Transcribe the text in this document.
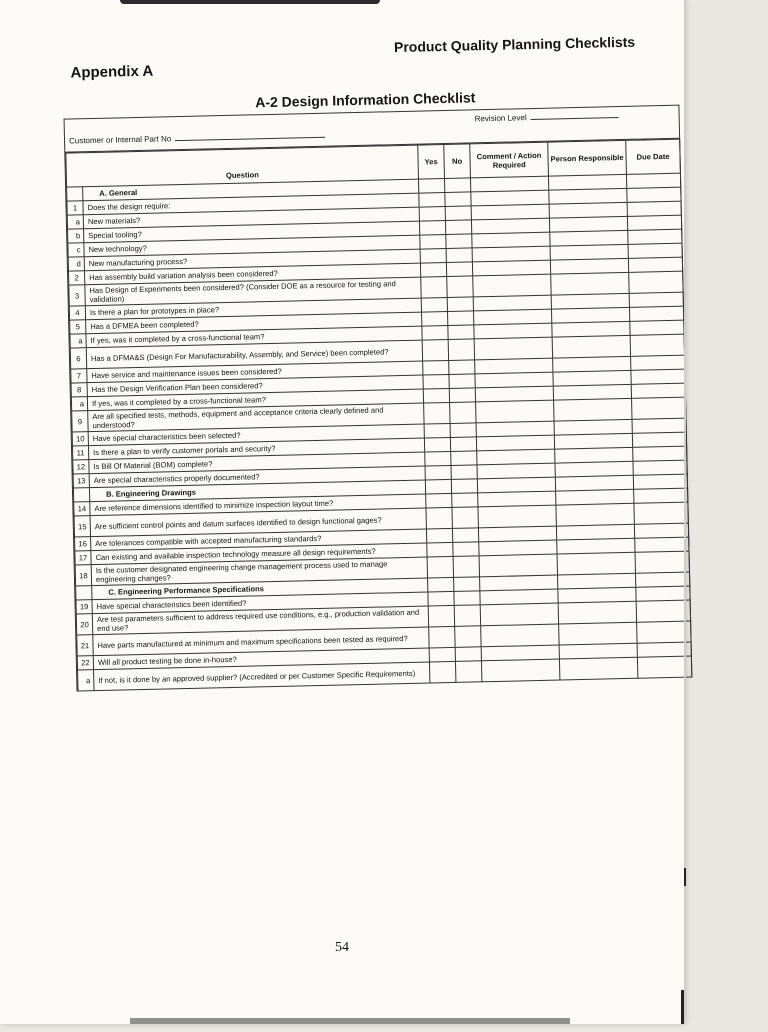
Appendix A
Product Quality Planning Checklists
A-2 Design Information Checklist
Customer or Internal Part No
Revision Level
Question		Yes	No	Comment / Action Required	Person Responsible	Due Date
	A. General					
1	Does the design require:					
a	New materials?					
b	Special tooling?					
c	New technology?					
d	New manufacturing process?					
2	Has assembly build variation analysis been considered?					
3	Has Design of Experiments been considered? (Consider DOE as a resource for testing and validation)					
4	Is there a plan for prototypes in place?					
5	Has a DFMEA been completed?					
a	If yes, was it completed by a cross-functional team?					
6	Has a DFMA&S (Design For Manufacturability, Assembly, and Service) been completed?					
7	Have service and maintenance issues been considered?					
8	Has the Design Verification Plan been considered?					
a	If yes, was it completed by a cross-functional team?					
9	Are all specified tests, methods, equipment and acceptance criteria clearly defined and understood?					
10	Have special characteristics been selected?					
11	Is there a plan to verify customer portals and security?					
12	Is Bill Of Material (BOM) complete?					
13	Are special characteristics properly documented?					
	B. Engineering Drawings					
14	Are reference dimensions identified to minimize inspection layout time?					
15	Are sufficient control points and datum surfaces identified to design functional gages?					
16	Are tolerances compatible with accepted manufacturing standards?					
17	Can existing and available inspection technology measure all design requirements?					
18	Is the customer designated engineering change management process used to manage engineering changes?					
	C. Engineering Performance Specifications					
19	Have special characteristics been identified?					
20	Are test parameters sufficient to address required use conditions, e.g., production validation and end use?					
21	Have parts manufactured at minimum and maximum specifications been tested as required?					
22	Will all product testing be done in-house?					
a	If not, is it done by an approved supplier? (Accredited or per Customer Specific Requirements)					
54
